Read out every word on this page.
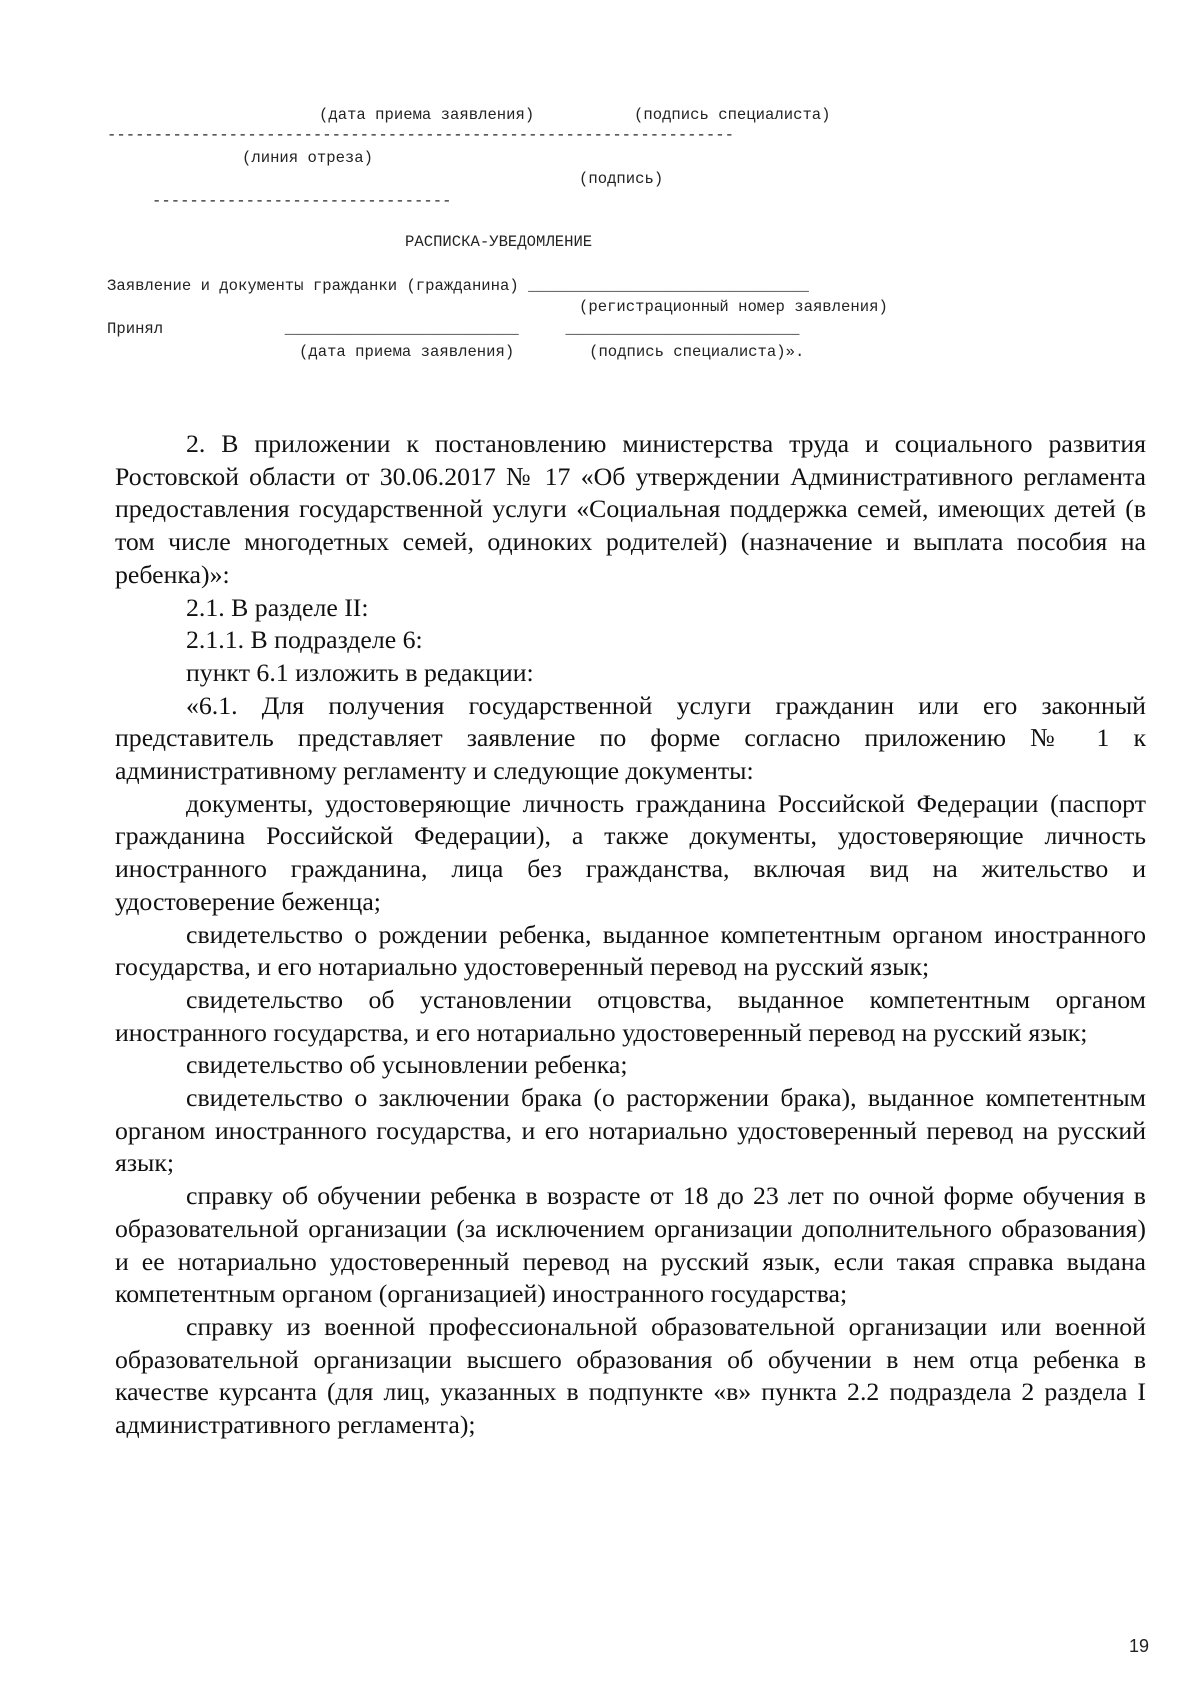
(дата приема заявления)	(подпись специалиста)
-------------------------------------------------------------------
(линия отреза)
(подпись)
--------------------------------
РАСПИСКА-УВЕДОМЛЕНИЕ
Заявление и документы гражданки (гражданина) ______________________________
(регистрационный номер заявления)
Принял             _________________________     _________________________
(дата приема заявления)        (подпись специалиста)».

2. В приложении к постановлению министерства труда и социального развития Ростовской области от 30.06.2017 № 17 «Об утверждении Административного регламента предоставления государственной услуги «Социальная поддержка семей, имеющих детей (в том числе многодетных семей, одиноких родителей) (назначение и выплата пособия на ребенка)»:

2.1. В разделе II:

2.1.1. В подразделе 6:

пункт 6.1 изложить в редакции:

«6.1. Для получения государственной услуги гражданин или его законный представитель представляет заявление по форме согласно приложению № 1 к административному регламенту и следующие документы:

документы, удостоверяющие личность гражданина Российской Федерации (паспорт гражданина Российской Федерации), а также документы, удостоверяющие личность иностранного гражданина, лица без гражданства, включая вид на жительство и удостоверение беженца;

свидетельство о рождении ребенка, выданное компетентным органом иностранного государства, и его нотариально удостоверенный перевод на русский язык;

свидетельство об установлении отцовства, выданное компетентным органом иностранного государства, и его нотариально удостоверенный перевод на русский язык;

свидетельство об усыновлении ребенка;

свидетельство о заключении брака (о расторжении брака), выданное компетентным органом иностранного государства, и его нотариально удостоверенный перевод на русский язык;

справку об обучении ребенка в возрасте от 18 до 23 лет по очной форме обучения в образовательной организации (за исключением организации дополнительного образования) и ее нотариально удостоверенный перевод на русский язык, если такая справка выдана компетентным органом (организацией) иностранного государства;

справку из военной профессиональной образовательной организации или военной образовательной организации высшего образования об обучении в нем отца ребенка в качестве курсанта (для лиц, указанных в подпункте «в» пункта 2.2 подраздела 2 раздела I административного регламента);

19
